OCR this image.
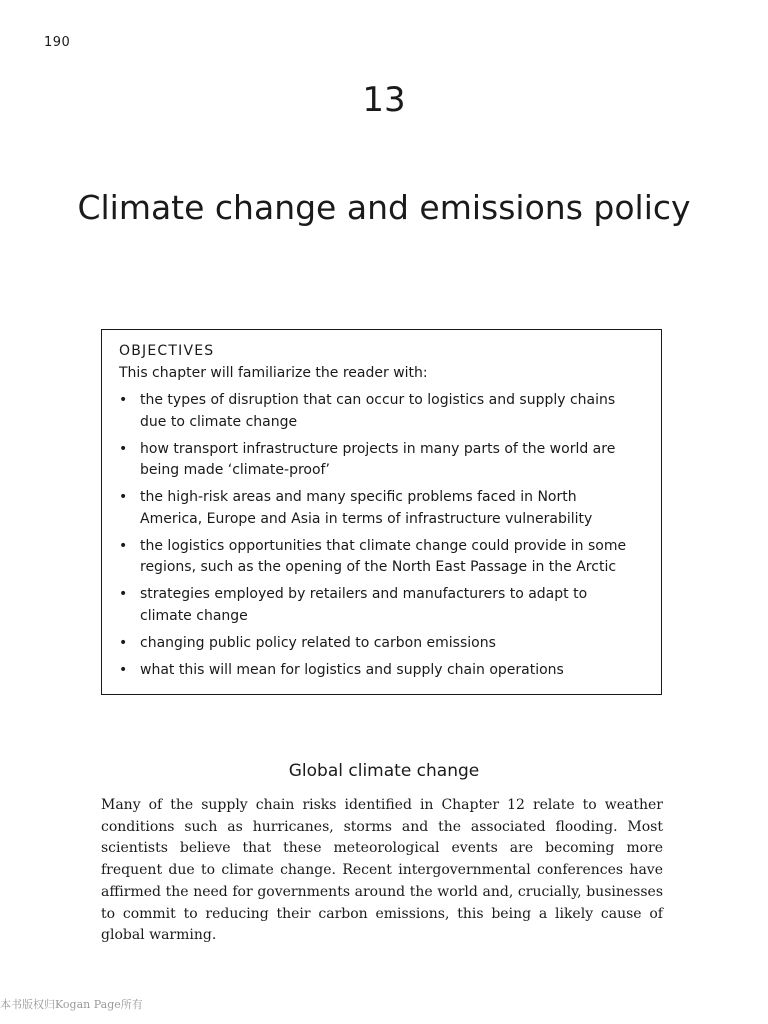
190
13
Climate change and emissions policy
OBJECTIVES
This chapter will familiarize the reader with:
• the types of disruption that can occur to logistics and supply chains due to climate change
• how transport infrastructure projects in many parts of the world are being made ‘climate-proof’
• the high-risk areas and many specific problems faced in North America, Europe and Asia in terms of infrastructure vulnerability
• the logistics opportunities that climate change could provide in some regions, such as the opening of the North East Passage in the Arctic
• strategies employed by retailers and manufacturers to adapt to climate change
• changing public policy related to carbon emissions
• what this will mean for logistics and supply chain operations
Global climate change

Many of the supply chain risks identified in Chapter 12 relate to weather conditions such as hurricanes, storms and the associated flooding. Most scientists believe that these meteorological events are becoming more frequent due to climate change. Recent intergovernmental conferences have affirmed the need for governments around the world and, crucially, businesses to commit to reducing their carbon emissions, this being a likely cause of global warming.

本书版权归Kogan Page所有
